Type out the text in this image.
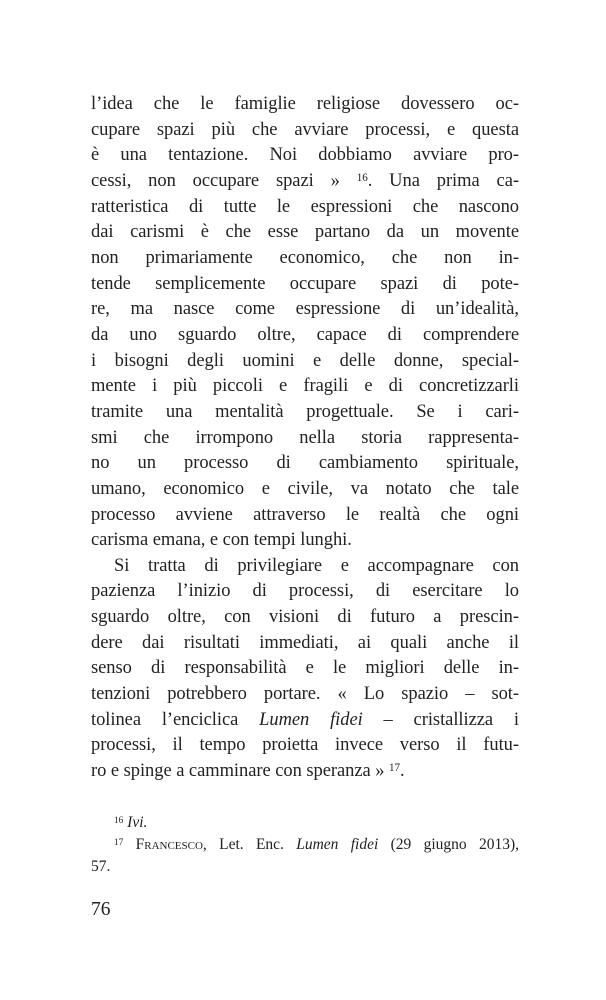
l’idea che le famiglie religiose dovessero oc-
cupare spazi più che avviare processi, e questa
è una tentazione. Noi dobbiamo avviare pro-
cessi, non occupare spazi » $^{16}$. Una prima ca-
ratteristica di tutte le espressioni che nascono
dai carismi è che esse partano da un movente
non primariamente economico, che non in-
tende semplicemente occupare spazi di pote-
re, ma nasce come espressione di un’idealità,
da uno sguardo oltre, capace di comprendere
i bisogni degli uomini e delle donne, special-
mente i più piccoli e fragili e di concretizzarli
tramite una mentalità progettuale. Se i cari-
smi che irrompono nella storia rappresenta-
no un processo di cambiamento spirituale,
umano, economico e civile, va notato che tale
processo avviene attraverso le realtà che ogni
carisma emana, e con tempi lunghi.
Si tratta di privilegiare e accompagnare con
pazienza l’inizio di processi, di esercitare lo
sguardo oltre, con visioni di futuro a prescin-
dere dai risultati immediati, ai quali anche il
senso di responsabilità e le migliori delle in-
tenzioni potrebbero portare. « Lo spazio – sot-
tolinea l’enciclica Lumen fidei – cristallizza i
processi, il tempo proietta invece verso il futu-
ro e spinge a camminare con speranza » $^{17}$.
$^{16}$ Ivi.
$^{17}$ Francesco, Let. Enc. Lumen fidei (29 giugno 2013),
57.
76
